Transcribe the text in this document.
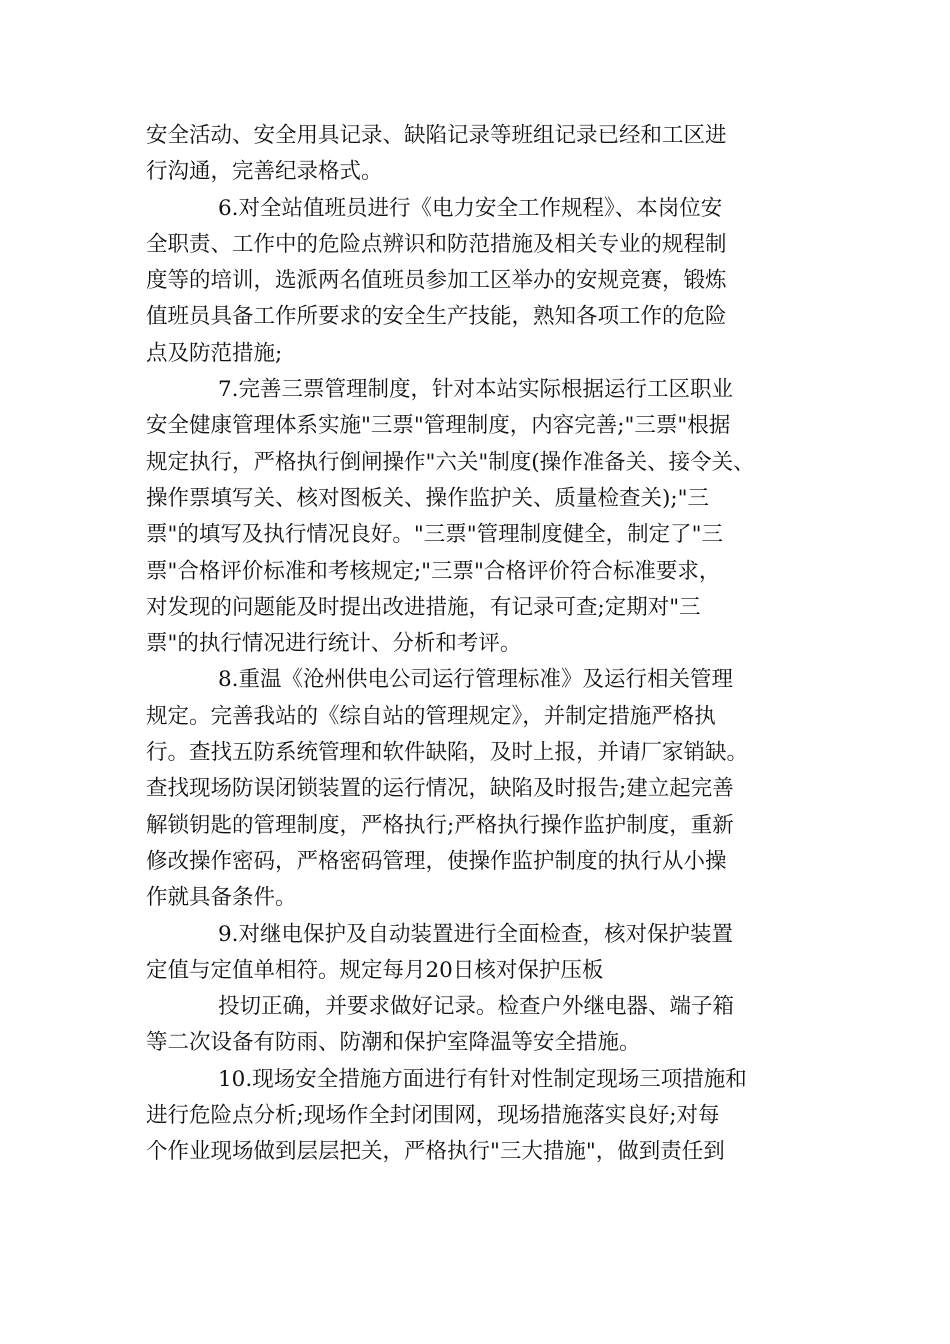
安全活动、安全用具记录、缺陷记录等班组记录已经和工区进
行沟通，完善纪录格式。
6.对全站值班员进行《电力安全工作规程》、本岗位安
全职责、工作中的危险点辨识和防范措施及相关专业的规程制
度等的培训，选派两名值班员参加工区举办的安规竞赛，锻炼
值班员具备工作所要求的安全生产技能，熟知各项工作的危险
点及防范措施;
7.完善三票管理制度，针对本站实际根据运行工区职业
安全健康管理体系实施"三票"管理制度，内容完善;"三票"根据
规定执行，严格执行倒闸操作"六关"制度(操作准备关、接令关、
操作票填写关、核对图板关、操作监护关、质量检查关);"三
票"的填写及执行情况良好。"三票"管理制度健全，制定了"三
票"合格评价标准和考核规定;"三票"合格评价符合标准要求，
对发现的问题能及时提出改进措施，有记录可查;定期对"三
票"的执行情况进行统计、分析和考评。
8.重温《沧州供电公司运行管理标准》及运行相关管理
规定。完善我站的《综自站的管理规定》，并制定措施严格执
行。查找五防系统管理和软件缺陷，及时上报，并请厂家销缺。
查找现场防误闭锁装置的运行情况，缺陷及时报告;建立起完善
解锁钥匙的管理制度，严格执行;严格执行操作监护制度，重新
修改操作密码，严格密码管理，使操作监护制度的执行从小操
作就具备条件。
9.对继电保护及自动装置进行全面检查，核对保护装置
定值与定值单相符。规定每月20日核对保护压板
投切正确，并要求做好记录。检查户外继电器、端子箱
等二次设备有防雨、防潮和保护室降温等安全措施。
10.现场安全措施方面进行有针对性制定现场三项措施和
进行危险点分析;现场作全封闭围网，现场措施落实良好;对每
个作业现场做到层层把关，严格执行"三大措施"，做到责任到
